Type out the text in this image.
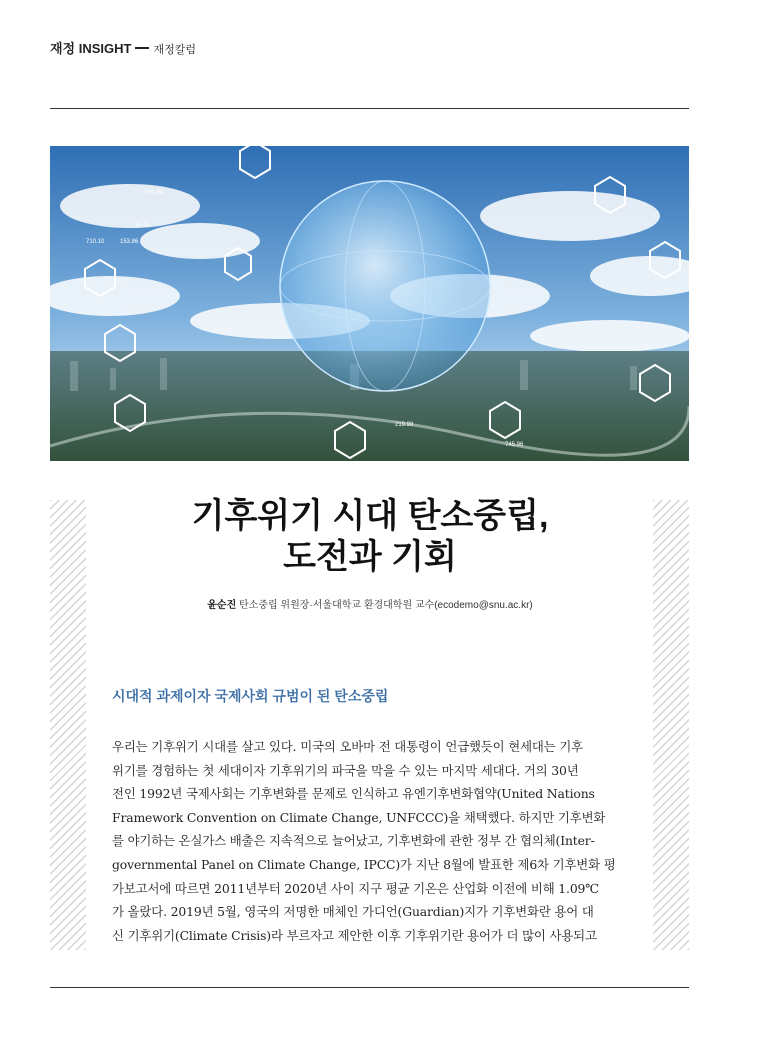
재정 INSIGHT 재정칼럼
561.84
710.10	153.86
10.11
219.98
745.96
기후위기 시대 탄소중립,
도전과 기회
윤순진 탄소중립 위원장·서울대학교 환경대학원 교수(ecodemo@snu.ac.kr)
시대적 과제이자 국제사회 규범이 된 탄소중립
우리는 기후위기 시대를 살고 있다. 미국의 오바마 전 대통령이 언급했듯이 현세대는 기후
위기를 경험하는 첫 세대이자 기후위기의 파국을 막을 수 있는 마지막 세대다. 거의 30년
전인 1992년 국제사회는 기후변화를 문제로 인식하고 유엔기후변화협약(United Nations
Framework Convention on Climate Change, UNFCCC)을 채택했다. 하지만 기후변화
를 야기하는 온실가스 배출은 지속적으로 늘어났고, 기후변화에 관한 정부 간 협의체(Inter-
governmental Panel on Climate Change, IPCC)가 지난 8월에 발표한 제6차 기후변화 평
가보고서에 따르면 2011년부터 2020년 사이 지구 평균 기온은 산업화 이전에 비해 1.09℃
가 올랐다. 2019년 5월, 영국의 저명한 매체인 가디언(Guardian)지가 기후변화란 용어 대
신 기후위기(Climate Crisis)라 부르자고 제안한 이후 기후위기란 용어가 더 많이 사용되고
